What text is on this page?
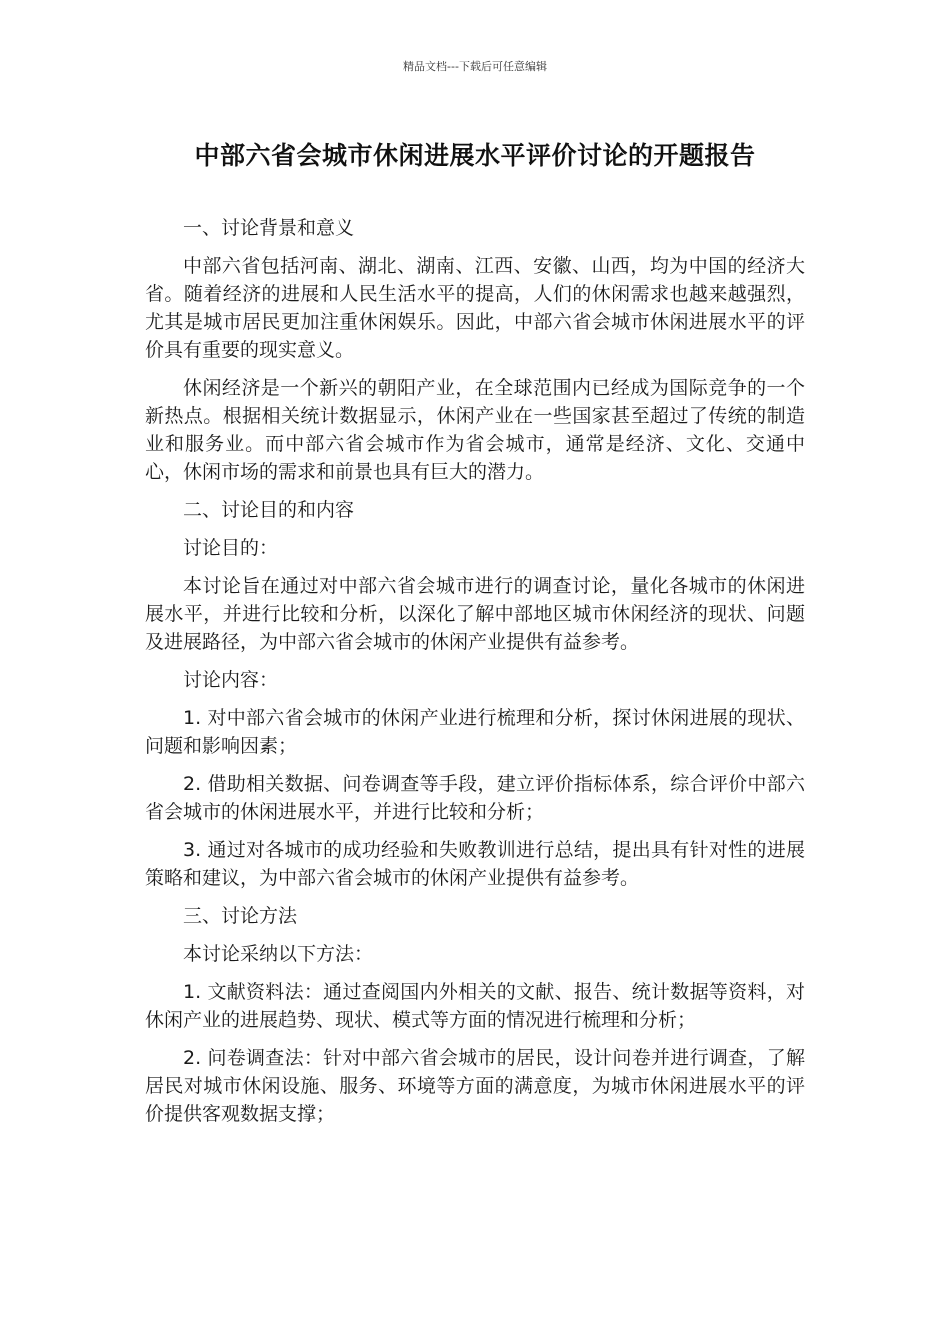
精品文档---下载后可任意编辑
中部六省会城市休闲进展水平评价讨论的开题报告

一、讨论背景和意义

中部六省包括河南、湖北、湖南、江西、安徽、山西，均为中国的经济大省。随着经济的进展和人民生活水平的提高，人们的休闲需求也越来越强烈，尤其是城市居民更加注重休闲娱乐。因此，中部六省会城市休闲进展水平的评价具有重要的现实意义。

休闲经济是一个新兴的朝阳产业，在全球范围内已经成为国际竞争的一个新热点。根据相关统计数据显示，休闲产业在一些国家甚至超过了传统的制造业和服务业。而中部六省会城市作为省会城市，通常是经济、文化、交通中心，休闲市场的需求和前景也具有巨大的潜力。

二、讨论目的和内容

讨论目的：

本讨论旨在通过对中部六省会城市进行的调查讨论，量化各城市的休闲进展水平，并进行比较和分析，以深化了解中部地区城市休闲经济的现状、问题及进展路径，为中部六省会城市的休闲产业提供有益参考。

讨论内容：

1. 对中部六省会城市的休闲产业进行梳理和分析，探讨休闲进展的现状、问题和影响因素；

2. 借助相关数据、问卷调查等手段，建立评价指标体系，综合评价中部六省会城市的休闲进展水平，并进行比较和分析；

3. 通过对各城市的成功经验和失败教训进行总结，提出具有针对性的进展策略和建议，为中部六省会城市的休闲产业提供有益参考。

三、讨论方法

本讨论采纳以下方法：

1. 文献资料法：通过查阅国内外相关的文献、报告、统计数据等资料，对休闲产业的进展趋势、现状、模式等方面的情况进行梳理和分析；

2. 问卷调查法：针对中部六省会城市的居民，设计问卷并进行调查，了解居民对城市休闲设施、服务、环境等方面的满意度，为城市休闲进展水平的评价提供客观数据支撑；
